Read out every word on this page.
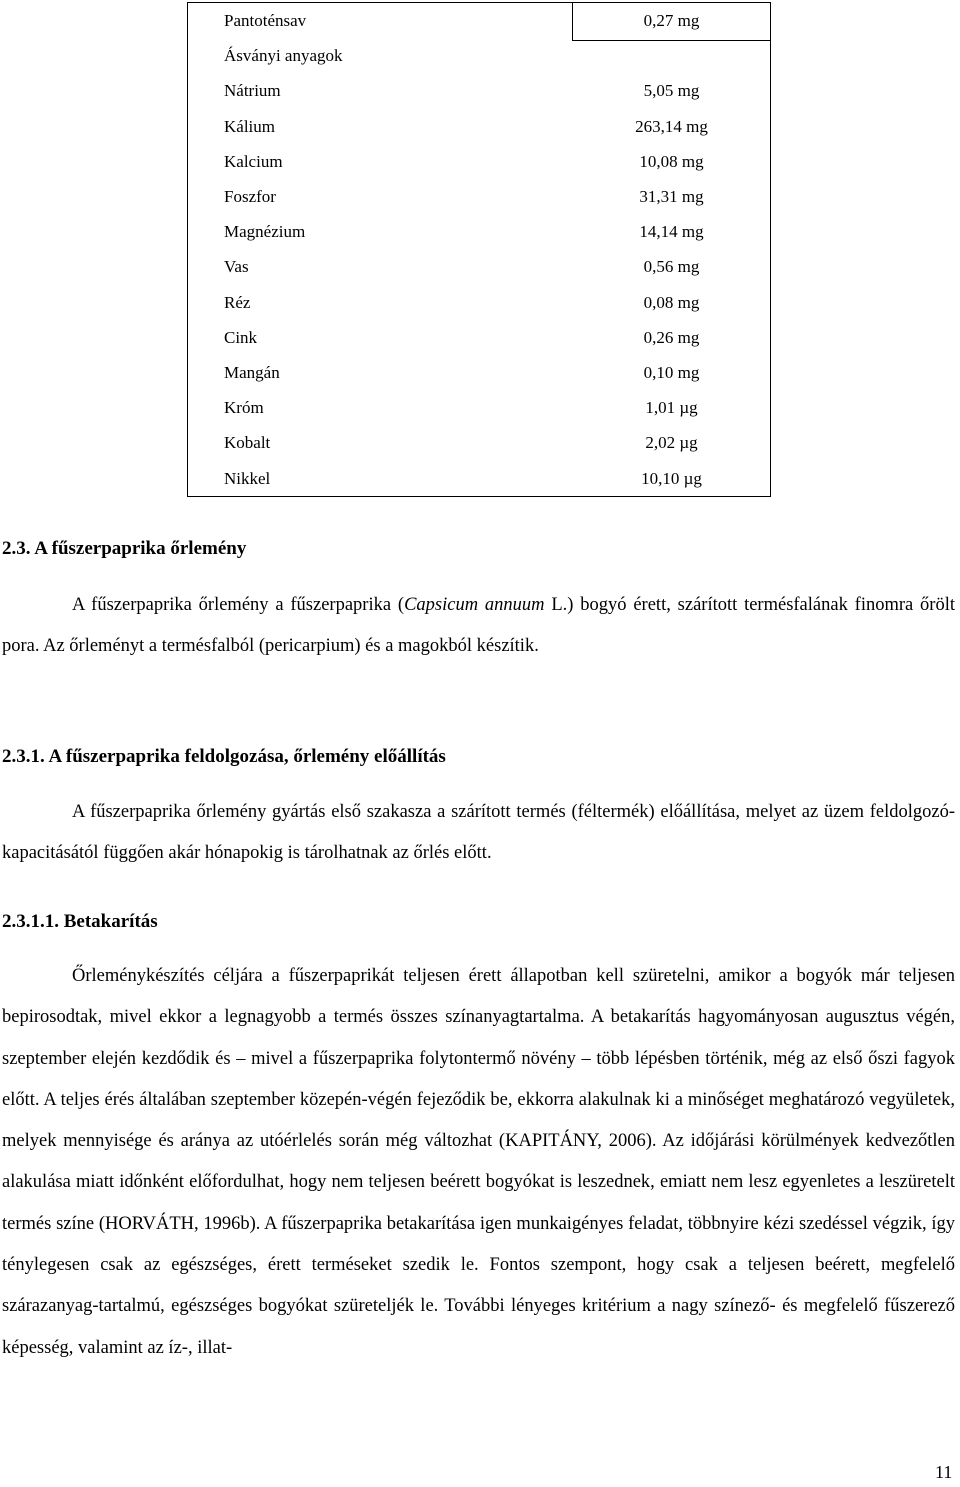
Pantoténsav	0,27 mg
Ásványi anyagok
Nátrium	5,05 mg
Kálium	263,14 mg
Kalcium	10,08 mg
Foszfor	31,31 mg
Magnézium	14,14 mg
Vas	0,56 mg
Réz	0,08 mg
Cink	0,26 mg
Mangán	0,10 mg
Króm	1,01 µg
Kobalt	2,02 µg
Nikkel	10,10 µg
2.3. A fűszerpaprika őrlemény
A fűszerpaprika őrlemény a fűszerpaprika (Capsicum annuum L.) bogyó érett, szárított termésfalának finomra őrölt pora. Az őrleményt a termésfalból (pericarpium) és a magokból készítik.
2.3.1. A fűszerpaprika feldolgozása, őrlemény előállítás
A fűszerpaprika őrlemény gyártás első szakasza a szárított termés (féltermék) előállítása, melyet az üzem feldolgozó-kapacitásától függően akár hónapokig is tárolhatnak az őrlés előtt.
2.3.1.1. Betakarítás
Őrleménykészítés céljára a fűszerpaprikát teljesen érett állapotban kell szüretelni, amikor a bogyók már teljesen bepirosodtak, mivel ekkor a legnagyobb a termés összes színanyagtartalma. A betakarítás hagyományosan augusztus végén, szeptember elején kezdődik és – mivel a fűszerpaprika folytontermő növény – több lépésben történik, még az első őszi fagyok előtt. A teljes érés általában szeptember közepén-végén fejeződik be, ekkorra alakulnak ki a minőséget meghatározó vegyületek, melyek mennyisége és aránya az utóérlelés során még változhat (KAPITÁNY, 2006). Az időjárási körülmények kedvezőtlen alakulása miatt időnként előfordulhat, hogy nem teljesen beérett bogyókat is leszednek, emiatt nem lesz egyenletes a leszüretelt termés színe (HORVÁTH, 1996b). A fűszerpaprika betakarítása igen munkaigényes feladat, többnyire kézi szedéssel végzik, így ténylegesen csak az egészséges, érett terméseket szedik le. Fontos szempont, hogy csak a teljesen beérett, megfelelő szárazanyag-tartalmú, egészséges bogyókat szüreteljék le. További lényeges kritérium a nagy színező- és megfelelő fűszerező képesség, valamint az íz-, illat-
11
